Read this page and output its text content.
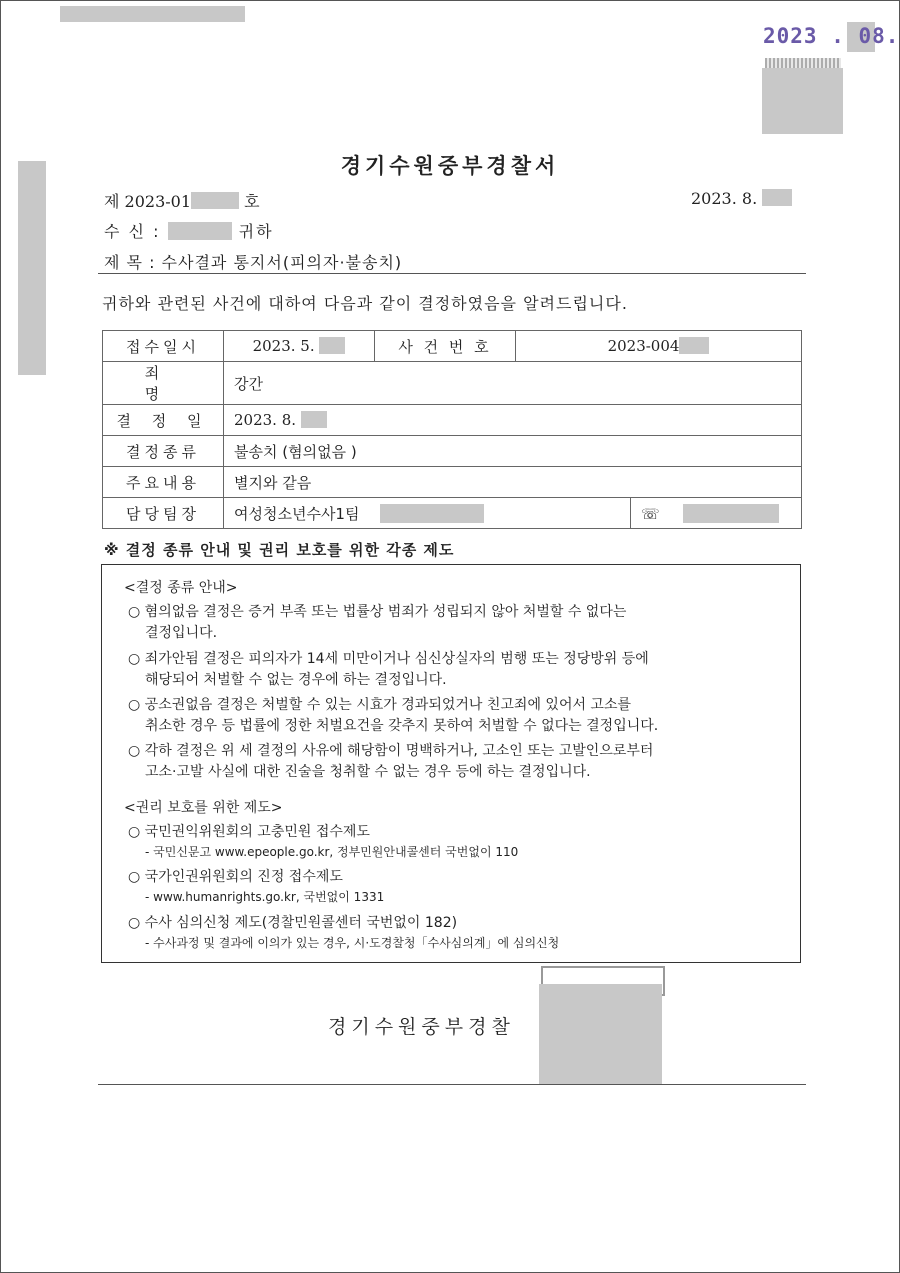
2023 . 08.
경기수원중부경찰서
제 2023-01	호	2023. 8.
수 신 :	귀하
제 목 : 수사결과 통지서(피의자·불송치)
귀하와 관련된 사건에 대하여 다음과 같이 결정하였음을 알려드립니다.
접수일시	2023. 5.	사 건 번 호	2023-004	
죄 명	강간			
결 정 일	2023. 8.			
결정종류	불송치 (혐의없음 )			
주요내용	별지와 같음			
담당팀장	여성청소년수사1팀			☏
※ 결정 종류 안내 및 권리 보호를 위한 각종 제도
<결정 종류 안내>
○ 혐의없음 결정은 증거 부족 또는 법률상 범죄가 성립되지 않아 처벌할 수 없다는
결정입니다.
○ 죄가안됨 결정은 피의자가 14세 미만이거나 심신상실자의 범행 또는 정당방위 등에
해당되어 처벌할 수 없는 경우에 하는 결정입니다.
○ 공소권없음 결정은 처벌할 수 있는 시효가 경과되었거나 친고죄에 있어서 고소를
취소한 경우 등 법률에 정한 처벌요건을 갖추지 못하여 처벌할 수 없다는 결정입니다.
○ 각하 결정은 위 세 결정의 사유에 해당함이 명백하거나, 고소인 또는 고발인으로부터
고소·고발 사실에 대한 진술을 청취할 수 없는 경우 등에 하는 결정입니다.
<권리 보호를 위한 제도>
○ 국민권익위원회의 고충민원 접수제도
- 국민신문고 www.epeople.go.kr, 정부민원안내콜센터 국번없이 110
○ 국가인권위원회의 진정 접수제도
- www.humanrights.go.kr, 국번없이 1331
○ 수사 심의신청 제도(경찰민원콜센터 국번없이 182)
- 수사과정 및 결과에 이의가 있는 경우, 시·도경찰청「수사심의계」에 심의신청
경기수원중부경찰
